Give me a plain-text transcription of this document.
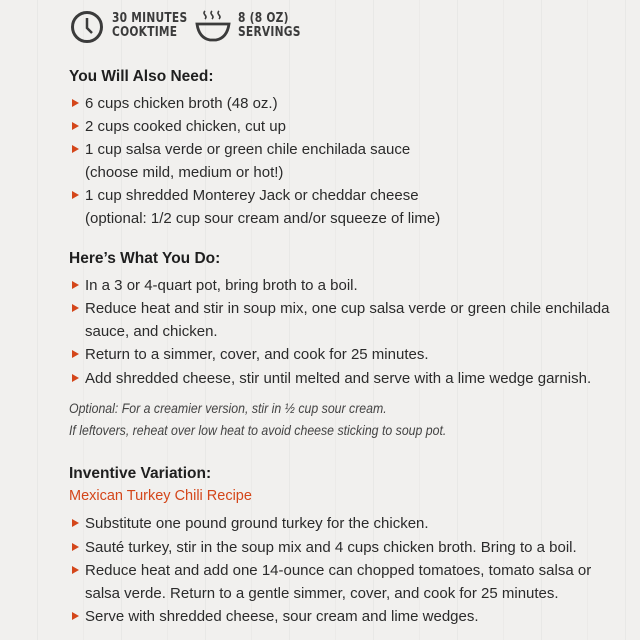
30 MINUTES
COOKTIME
8 (8 OZ)
SERVINGS
You Will Also Need:
6 cups chicken broth (48 oz.)
2 cups cooked chicken, cut up
1 cup salsa verde or green chile enchilada sauce
(choose mild, medium or hot!)
1 cup shredded Monterey Jack or cheddar cheese
(optional: 1/2 cup sour cream and/or squeeze of lime)
Here’s What You Do:
In a 3 or 4-quart pot, bring broth to a boil.
Reduce heat and stir in soup mix, one cup salsa verde or green chile enchilada
sauce, and chicken.
Return to a simmer, cover, and cook for 25 minutes.
Add shredded cheese, stir until melted and serve with a lime wedge garnish.
Optional: For a creamier version, stir in ½ cup sour cream.
If leftovers, reheat over low heat to avoid cheese sticking to soup pot.
Inventive Variation:
Mexican Turkey Chili Recipe
Substitute one pound ground turkey for the chicken.
Sauté turkey, stir in the soup mix and 4 cups chicken broth. Bring to a boil.
Reduce heat and add one 14-ounce can chopped tomatoes, tomato salsa or
salsa verde. Return to a gentle simmer, cover, and cook for 25 minutes.
Serve with shredded cheese, sour cream and lime wedges.
